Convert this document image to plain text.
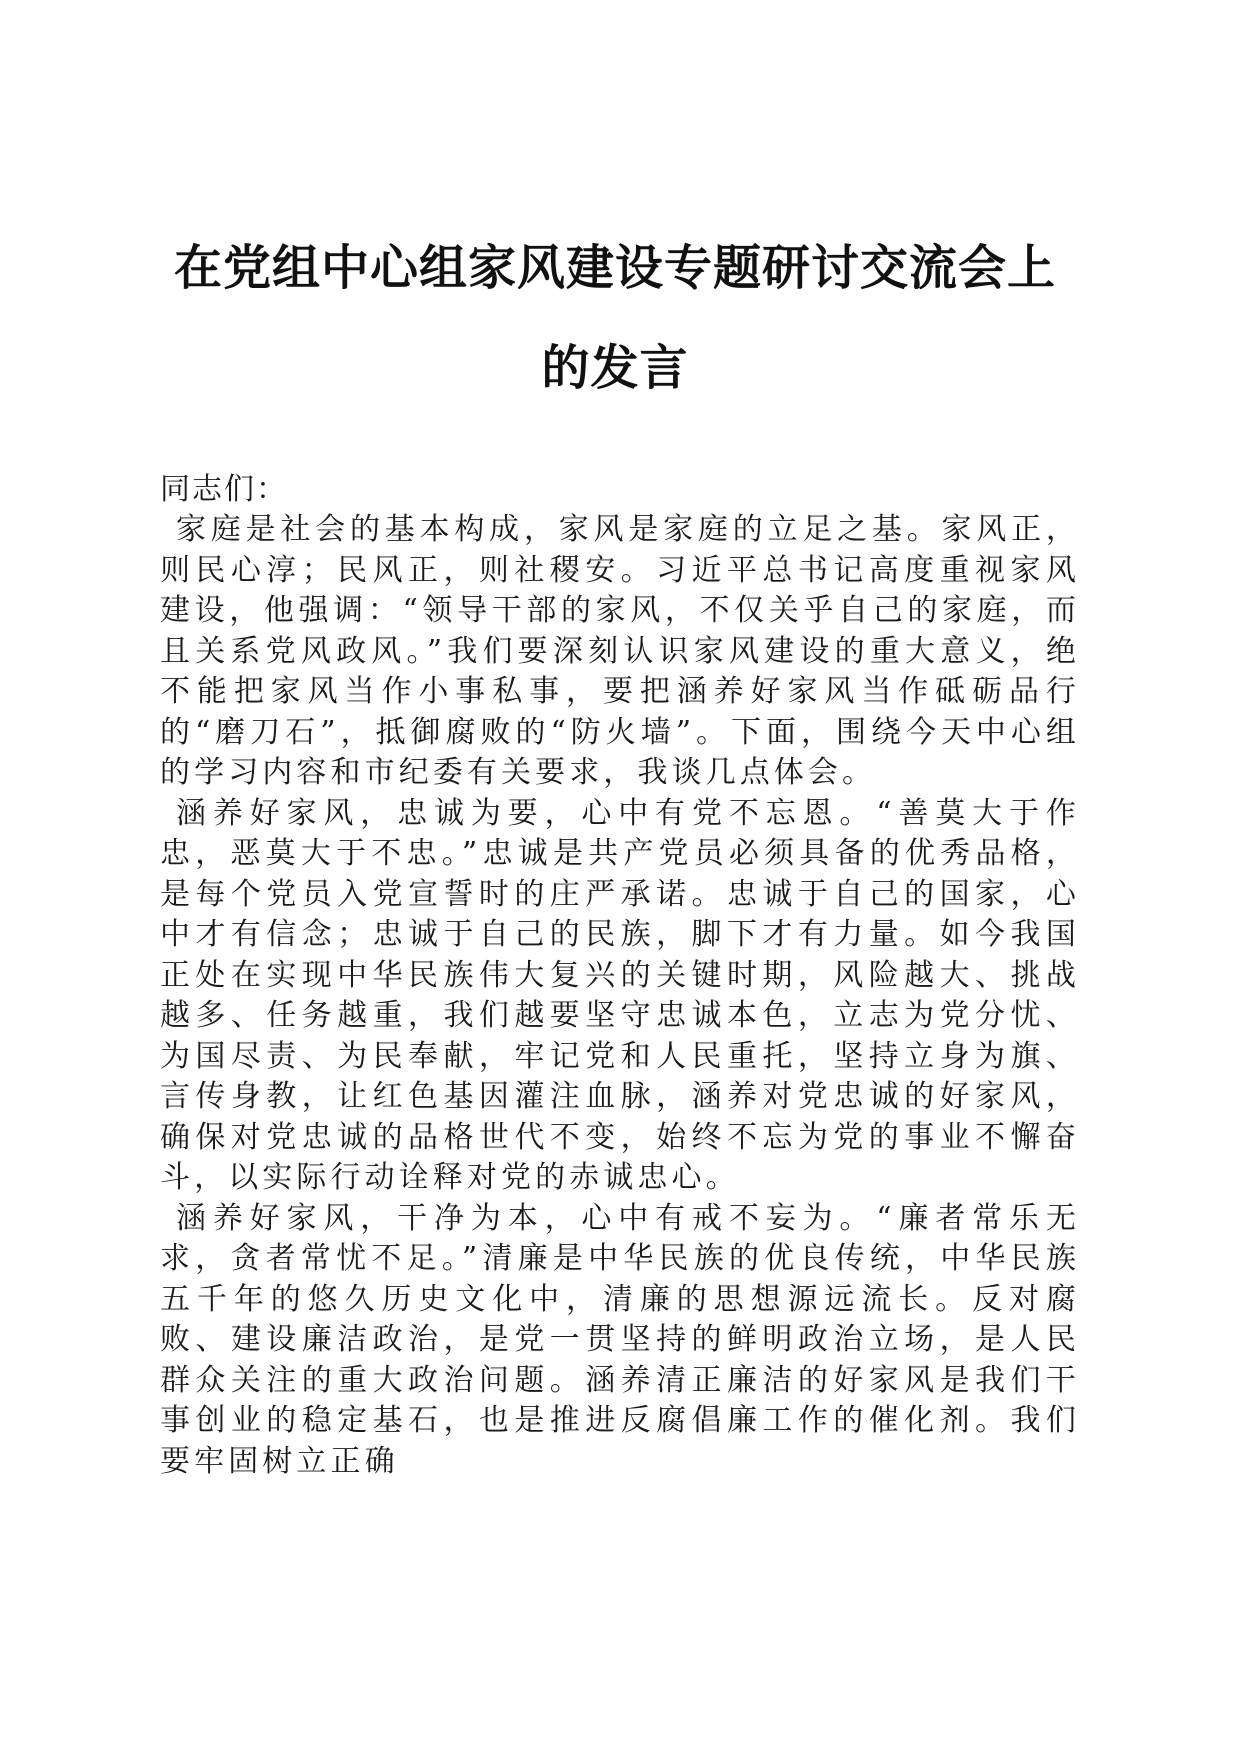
在党组中心组家风建设专题研讨交流会上的发言

同志们：

家庭是社会的基本构成，家风是家庭的立足之基。家风正，则民心淳；民风正，则社稷安。习近平总书记高度重视家风建设，他强调：“领导干部的家风，不仅关乎自己的家庭，而且关系党风政风。”我们要深刻认识家风建设的重大意义，绝不能把家风当作小事私事，要把涵养好家风当作砥砺品行的“磨刀石”，抵御腐败的“防火墙”。下面，围绕今天中心组的学习内容和市纪委有关要求，我谈几点体会。

涵养好家风，忠诚为要，心中有党不忘恩。“善莫大于作忠，恶莫大于不忠。”忠诚是共产党员必须具备的优秀品格，是每个党员入党宣誓时的庄严承诺。忠诚于自己的国家，心中才有信念；忠诚于自己的民族，脚下才有力量。如今我国正处在实现中华民族伟大复兴的关键时期，风险越大、挑战越多、任务越重，我们越要坚守忠诚本色，立志为党分忧、为国尽责、为民奉献，牢记党和人民重托，坚持立身为旗、言传身教，让红色基因灌注血脉，涵养对党忠诚的好家风，确保对党忠诚的品格世代不变，始终不忘为党的事业不懈奋斗，以实际行动诠释对党的赤诚忠心。

涵养好家风，干净为本，心中有戒不妄为。“廉者常乐无求，贪者常忧不足。”清廉是中华民族的优良传统，中华民族五千年的悠久历史文化中，清廉的思想源远流长。反对腐败、建设廉洁政治，是党一贯坚持的鲜明政治立场，是人民群众关注的重大政治问题。涵养清正廉洁的好家风是我们干事创业的稳定基石，也是推进反腐倡廉工作的催化剂。我们要牢固树立正确
